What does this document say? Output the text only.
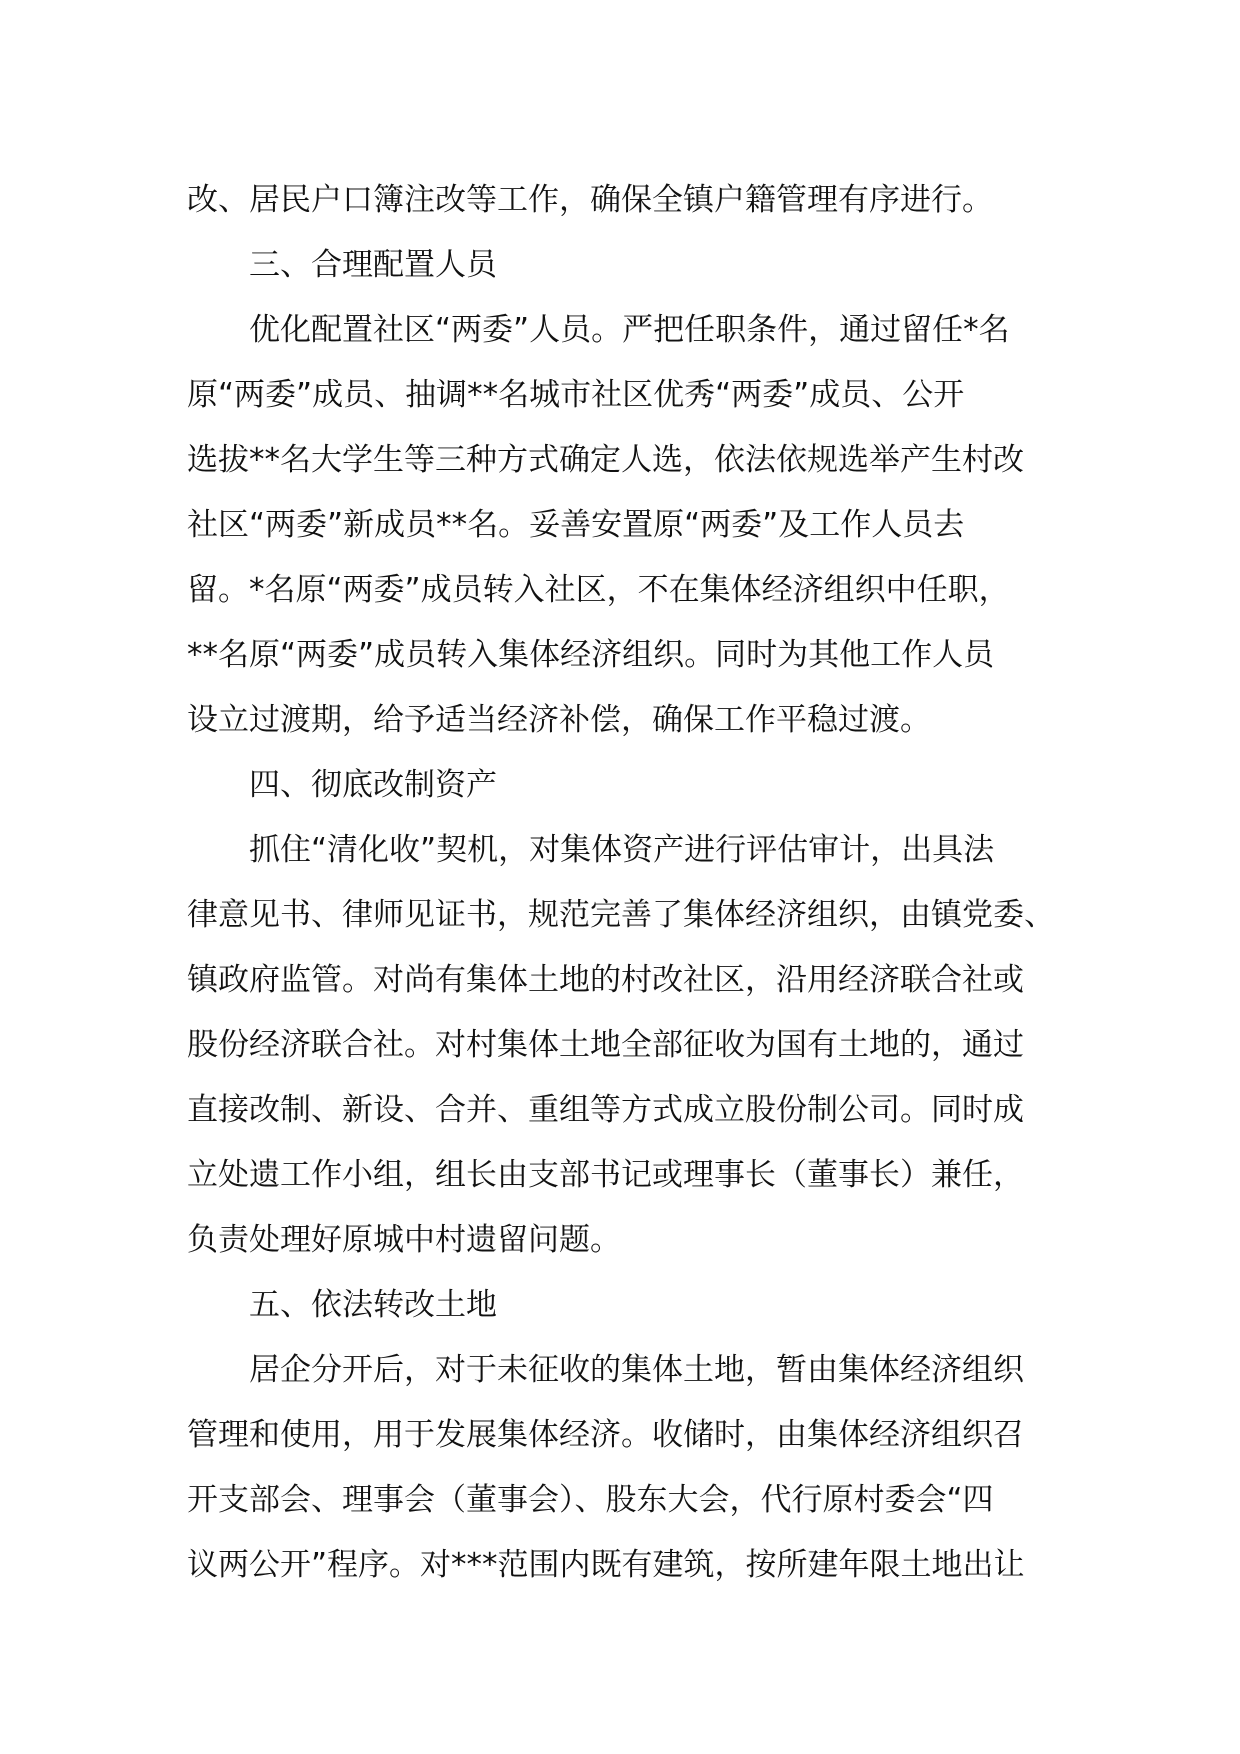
改、居民户口簿注改等工作，确保全镇户籍管理有序进行。
三、合理配置人员
优化配置社区“两委”人员。严把任职条件，通过留任*名
原“两委”成员、抽调**名城市社区优秀“两委”成员、公开
选拔**名大学生等三种方式确定人选，依法依规选举产生村改
社区“两委”新成员**名。妥善安置原“两委”及工作人员去
留。*名原“两委”成员转入社区，不在集体经济组织中任职，
**名原“两委”成员转入集体经济组织。同时为其他工作人员
设立过渡期，给予适当经济补偿，确保工作平稳过渡。
四、彻底改制资产
抓住“清化收”契机，对集体资产进行评估审计，出具法
律意见书、律师见证书，规范完善了集体经济组织，由镇党委、
镇政府监管。对尚有集体土地的村改社区，沿用经济联合社或
股份经济联合社。对村集体土地全部征收为国有土地的，通过
直接改制、新设、合并、重组等方式成立股份制公司。同时成
立处遗工作小组，组长由支部书记或理事长（董事长）兼任，
负责处理好原城中村遗留问题。
五、依法转改土地
居企分开后，对于未征收的集体土地，暂由集体经济组织
管理和使用，用于发展集体经济。收储时，由集体经济组织召
开支部会、理事会（董事会）、股东大会，代行原村委会“四
议两公开”程序。对***范围内既有建筑，按所建年限土地出让
